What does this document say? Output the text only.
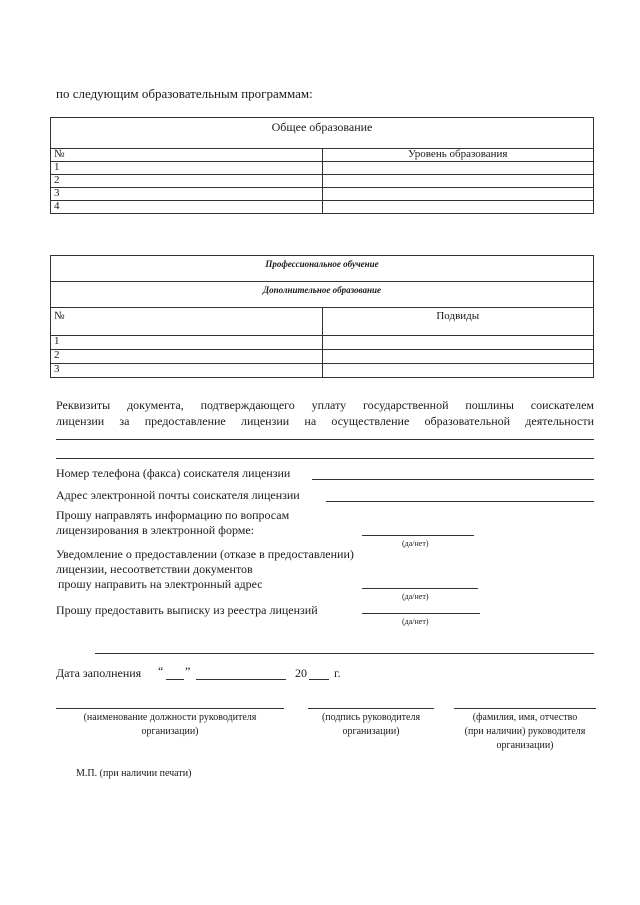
по следующим образовательным программам:
Общее образование	
№	Уровень образования
1	
2	
3	
4	
Профессиональное обучение	
Дополнительное образование	
№	Подвиды
1	
2	
3	
Реквизиты документа, подтверждающего уплату государственной пошлины соискателем
лицензии за предоставление лицензии на осуществление образовательной деятельности
Номер телефона (факса) соискателя лицензии
Адрес электронной почты соискателя лицензии
Прошу направлять информацию по вопросам
лицензирования в электронной форме:
(да/нет)
Уведомление о предоставлении (отказе в предоставлении)
лицензии, несоответствии документов
прошу направить на электронный адрес
(да/нет)
Прошу предоставить выписку из реестра лицензий
(да/нет)
Дата заполнения “ ”	20 г.
(наименование должности руководителя
организации)
(подпись руководителя
организации)
(фамилия, имя, отчество
(при наличии) руководителя
организации)
М.П. (при наличии печати)
